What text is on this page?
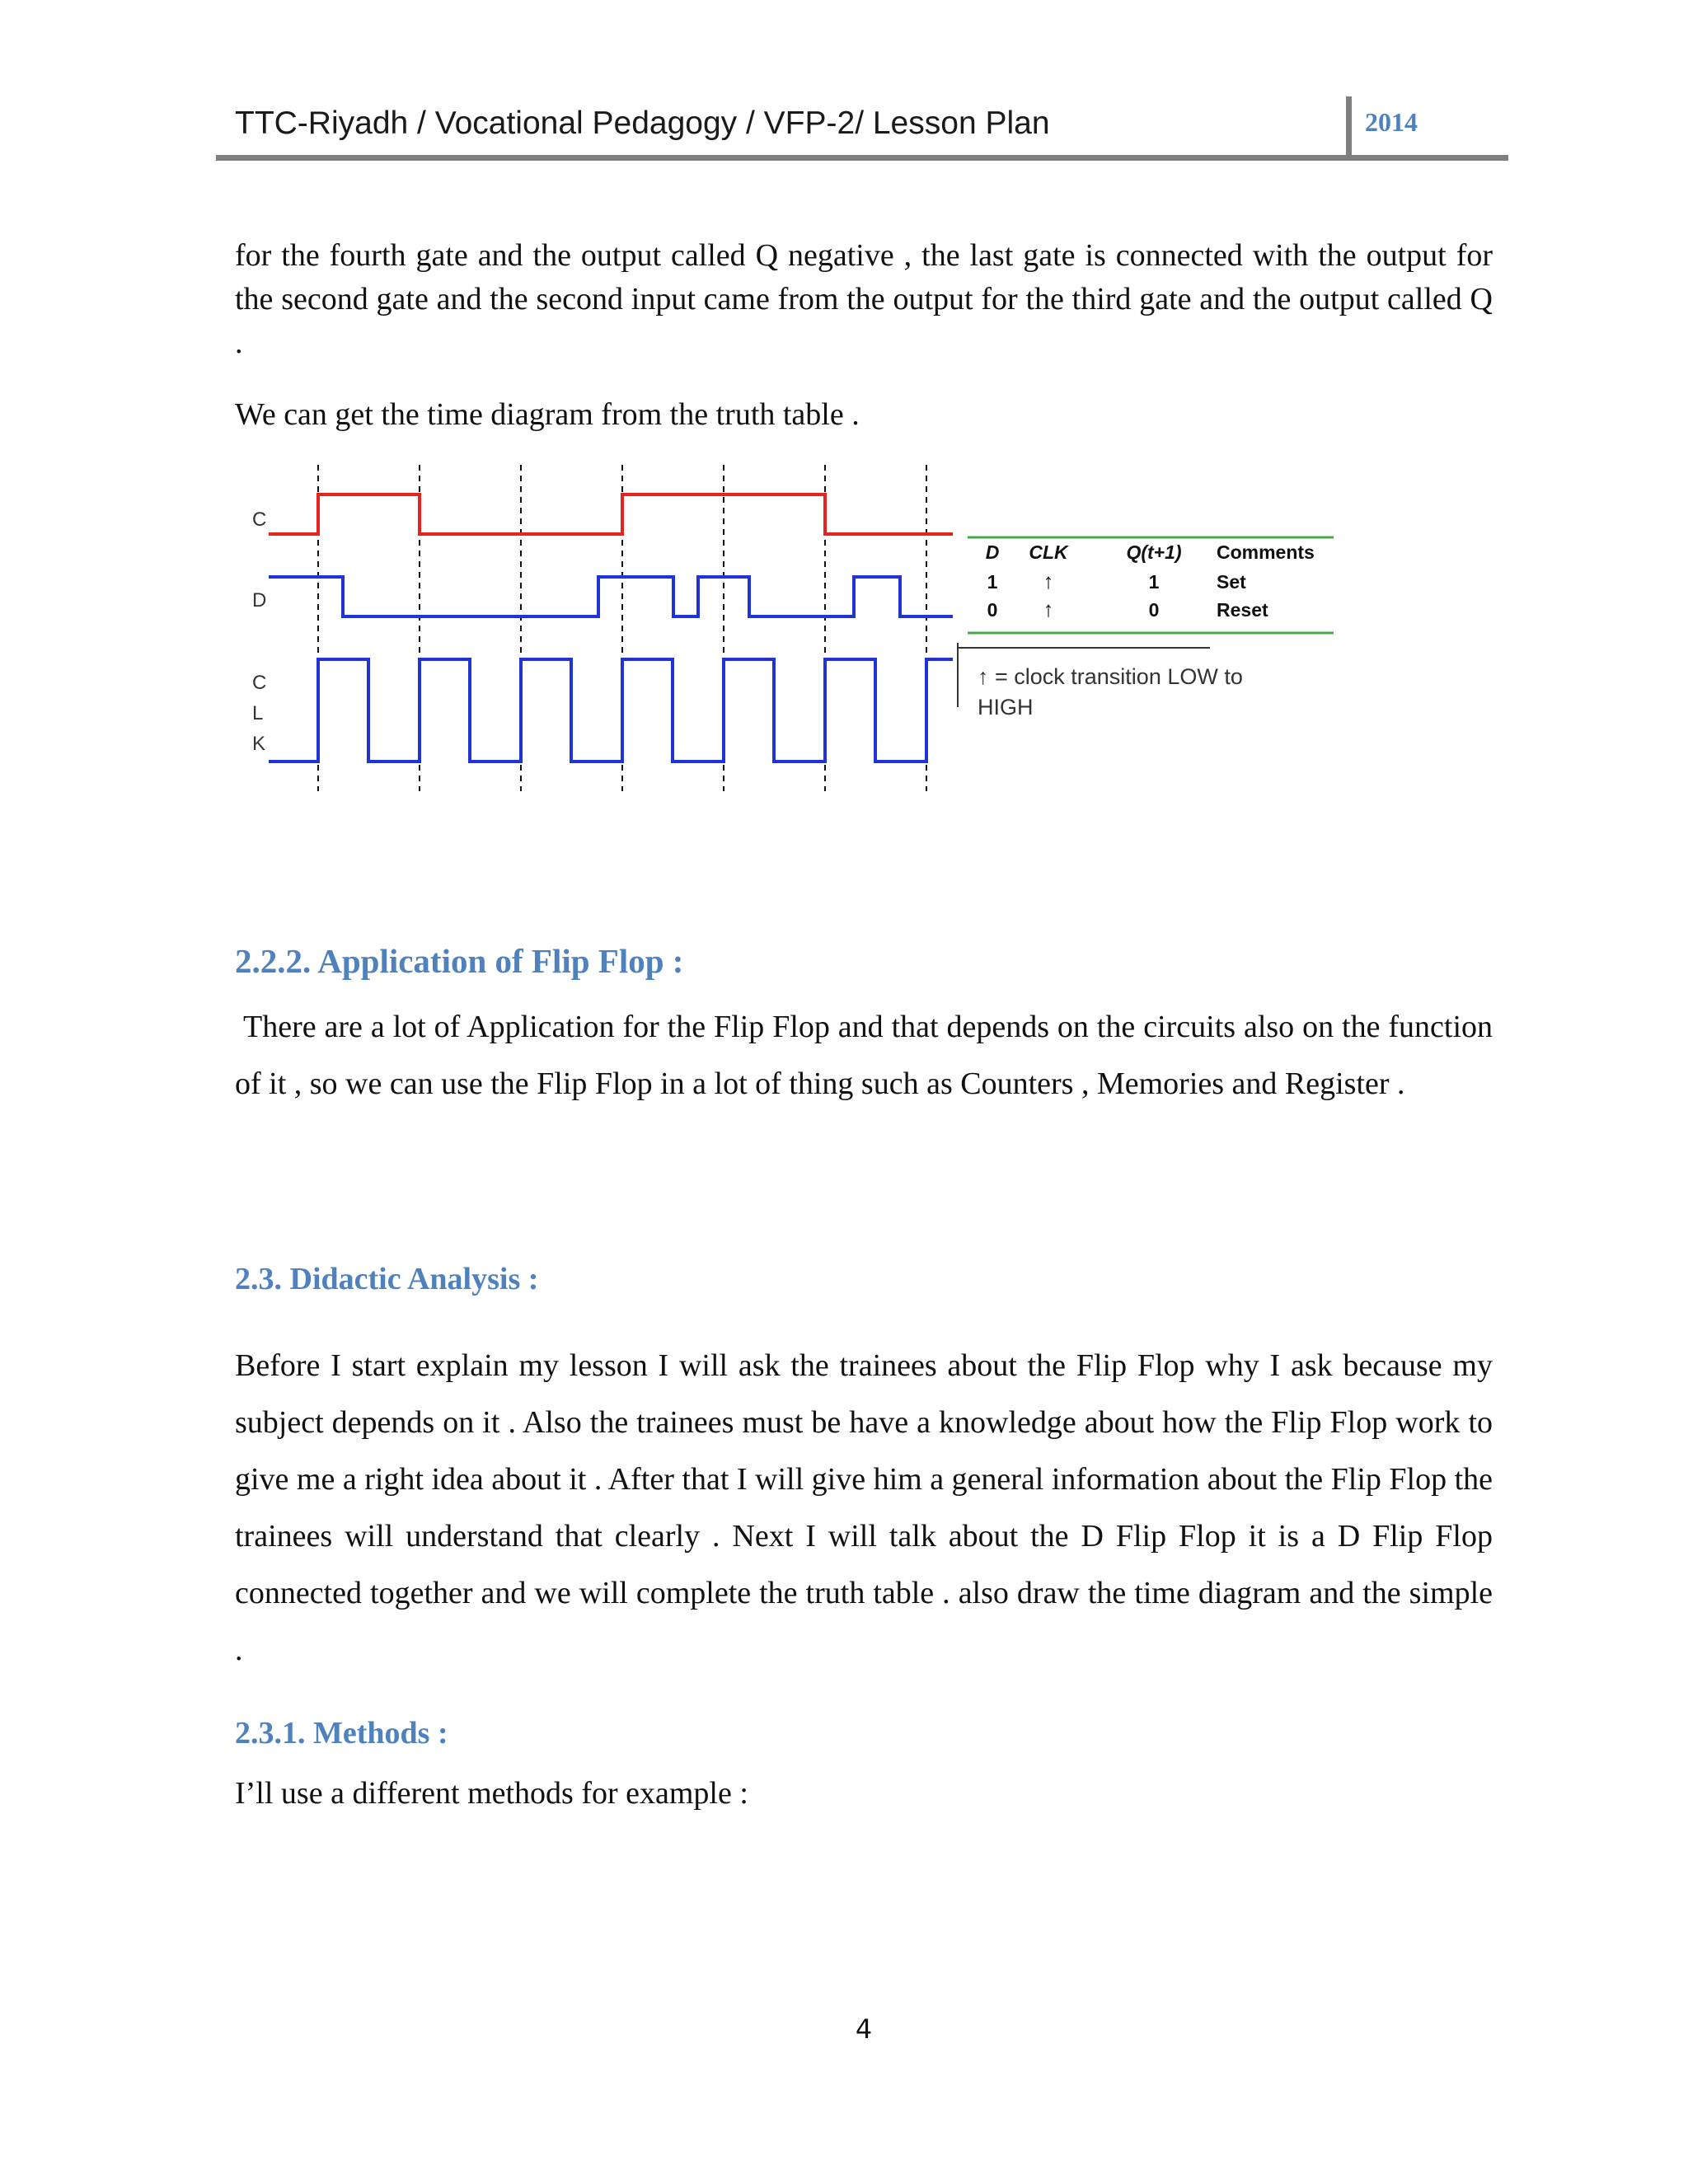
TTC-Riyadh / Vocational Pedagogy / VFP-2/ Lesson Plan	2014
for the fourth gate and the output called Q negative , the last gate is connected with the output for the second gate and the second input came from the output for the third gate and the output called Q .
We can get the time diagram from the truth table .
C
D
C
L
K
D CLK	Q(t+1) Comments
1 ↑	1	Set
0 ↑	0	Reset
↑ = clock transition LOW to
HIGH
2.2.2. Application of Flip Flop :
There are a lot of Application for the Flip Flop and that depends on the circuits also on the function of it , so we can use the Flip Flop in a lot of thing such as Counters , Memories and Register .
2.3. Didactic Analysis :
Before I start explain my lesson I will ask the trainees about the Flip Flop why I ask because my subject depends on it . Also the trainees must be have a knowledge about how the Flip Flop work to give me a right idea about it . After that I will give him a general information about the Flip Flop the trainees will understand that clearly . Next I will talk about the D Flip Flop it is a D Flip Flop connected together and we will complete the truth table . also draw the time diagram and the simple .
2.3.1. Methods :
I’ll use a different methods for example :
4
